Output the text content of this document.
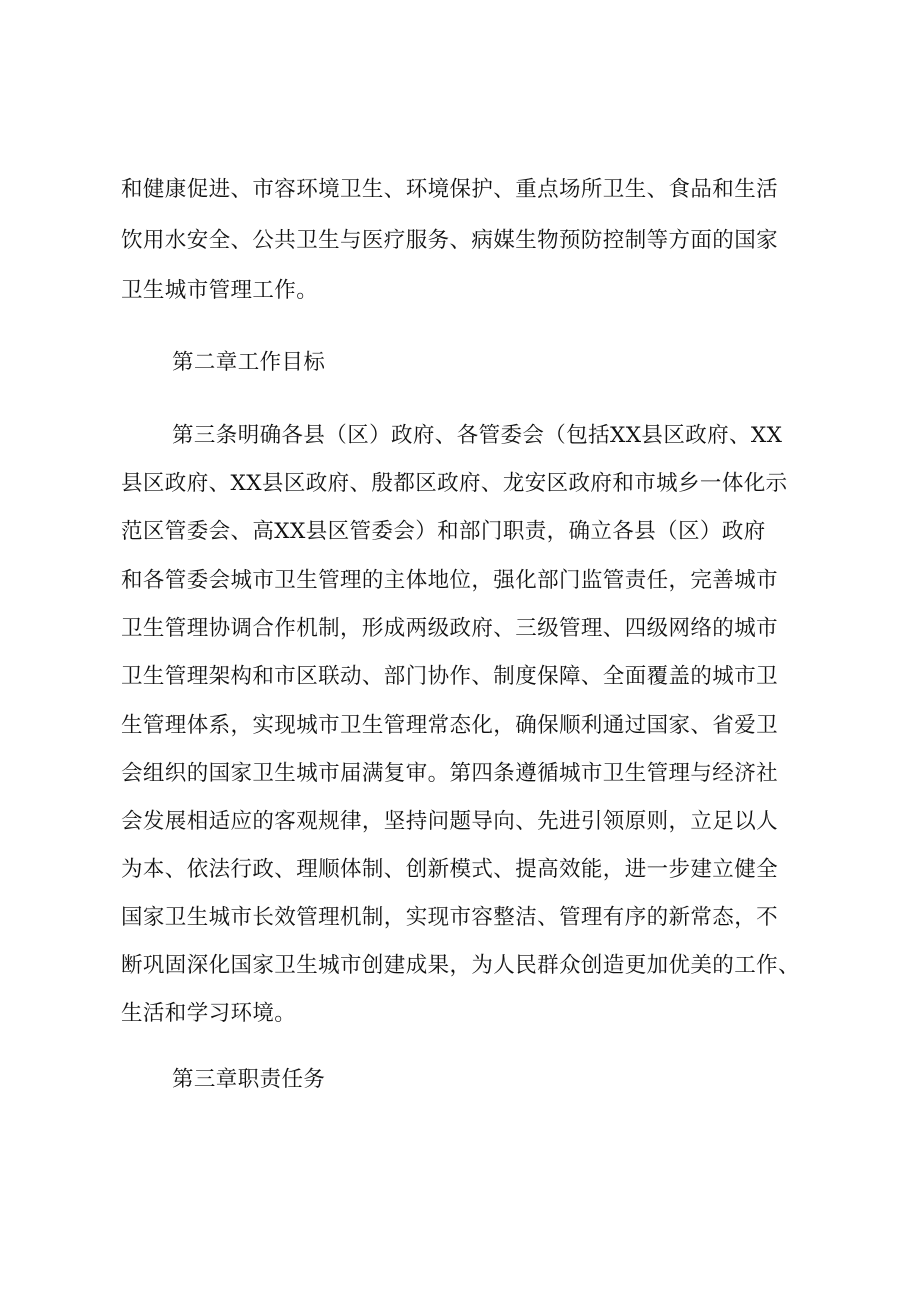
和健康促进、市容环境卫生、环境保护、重点场所卫生、食品和生活
饮用水安全、公共卫生与医疗服务、病媒生物预防控制等方面的国家
卫生城市管理工作。
第二章工作目标
第三条明确各县（区）政府、各管委会（包括XX县区政府、XX
县区政府、XX县区政府、殷都区政府、龙安区政府和市城乡一体化示
范区管委会、高XX县区管委会）和部门职责，确立各县（区）政府
和各管委会城市卫生管理的主体地位，强化部门监管责任，完善城市
卫生管理协调合作机制，形成两级政府、三级管理、四级网络的城市
卫生管理架构和市区联动、部门协作、制度保障、全面覆盖的城市卫
生管理体系，实现城市卫生管理常态化，确保顺利通过国家、省爱卫
会组织的国家卫生城市届满复审。第四条遵循城市卫生管理与经济社
会发展相适应的客观规律，坚持问题导向、先进引领原则，立足以人
为本、依法行政、理顺体制、创新模式、提高效能，进一步建立健全
国家卫生城市长效管理机制，实现市容整洁、管理有序的新常态，不
断巩固深化国家卫生城市创建成果，为人民群众创造更加优美的工作、
生活和学习环境。
第三章职责任务
